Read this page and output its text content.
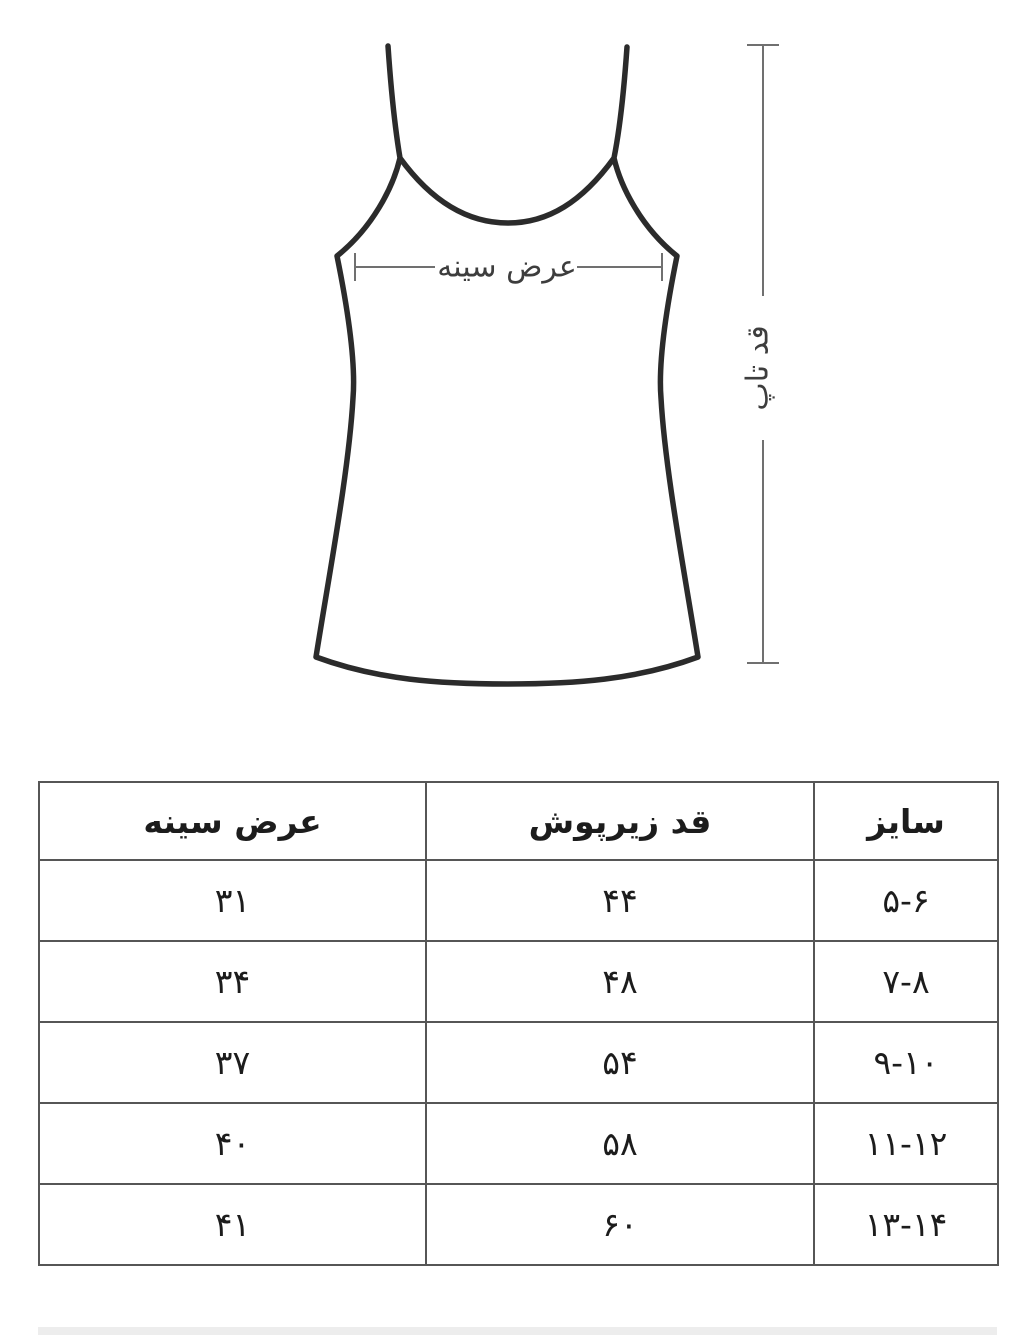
عرض سینه
قد تاپ
سایز	قد زیرپوش	عرض سینه
۵-۶	۴۴	۳۱
۷-۸	۴۸	۳۴
۹-۱۰	۵۴	۳۷
۱۱-۱۲	۵۸	۴۰
۱۳-۱۴	۶۰	۴۱
